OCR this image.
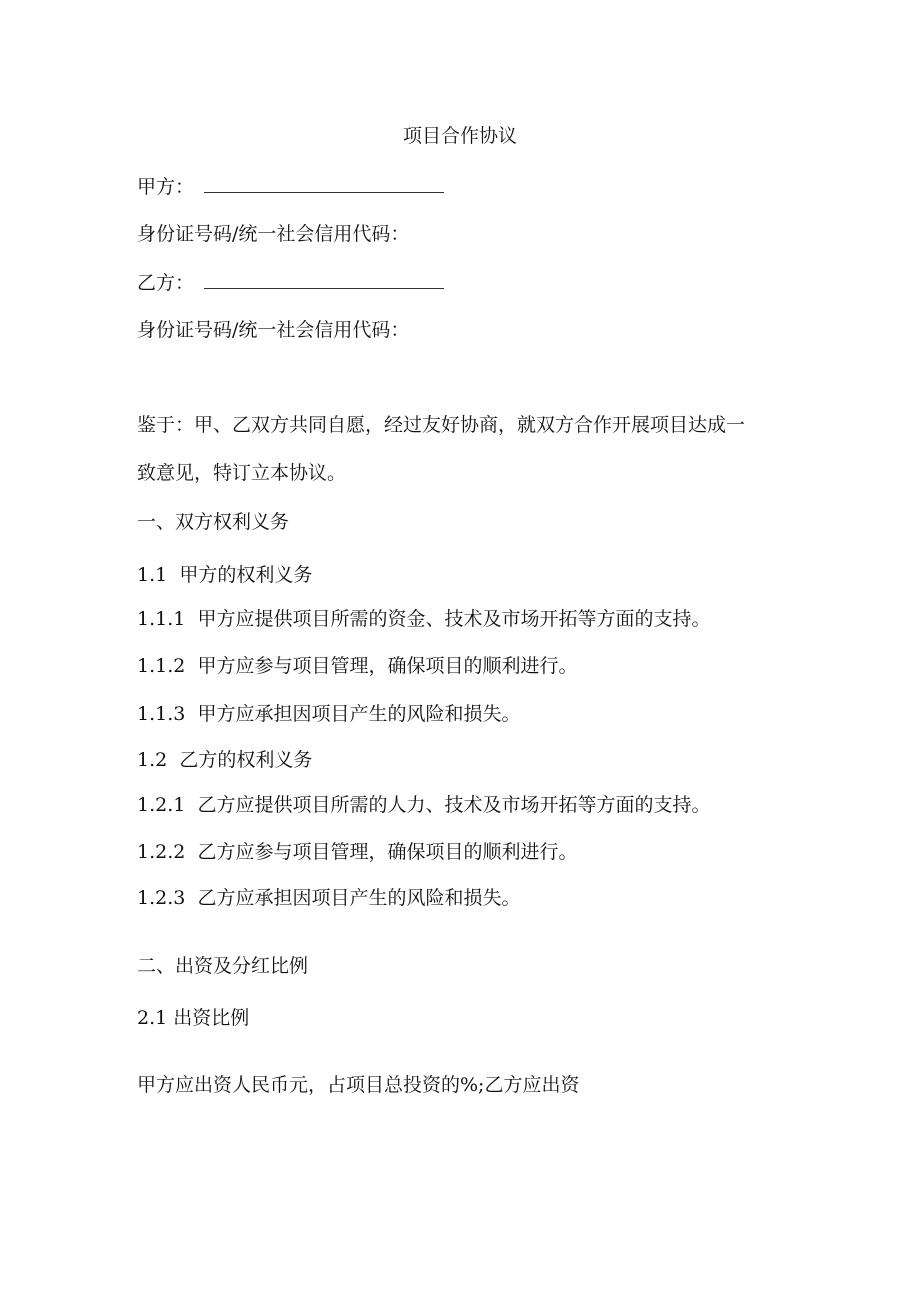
项目合作协议
甲方：
身份证号码/统一社会信用代码：
乙方：
身份证号码/统一社会信用代码：
鉴于：甲、乙双方共同自愿，经过友好协商，就双方合作开展项目达成一
致意见，特订立本协议。
一、双方权利义务
1.1 甲方的权利义务
1.1.1 甲方应提供项目所需的资金、技术及市场开拓等方面的支持。
1.1.2 甲方应参与项目管理，确保项目的顺利进行。
1.1.3 甲方应承担因项目产生的风险和损失。
1.2 乙方的权利义务
1.2.1 乙方应提供项目所需的人力、技术及市场开拓等方面的支持。
1.2.2 乙方应参与项目管理，确保项目的顺利进行。
1.2.3 乙方应承担因项目产生的风险和损失。
二、出资及分红比例
2.1 出资比例
甲方应出资人民币元，占项目总投资的%;乙方应出资
